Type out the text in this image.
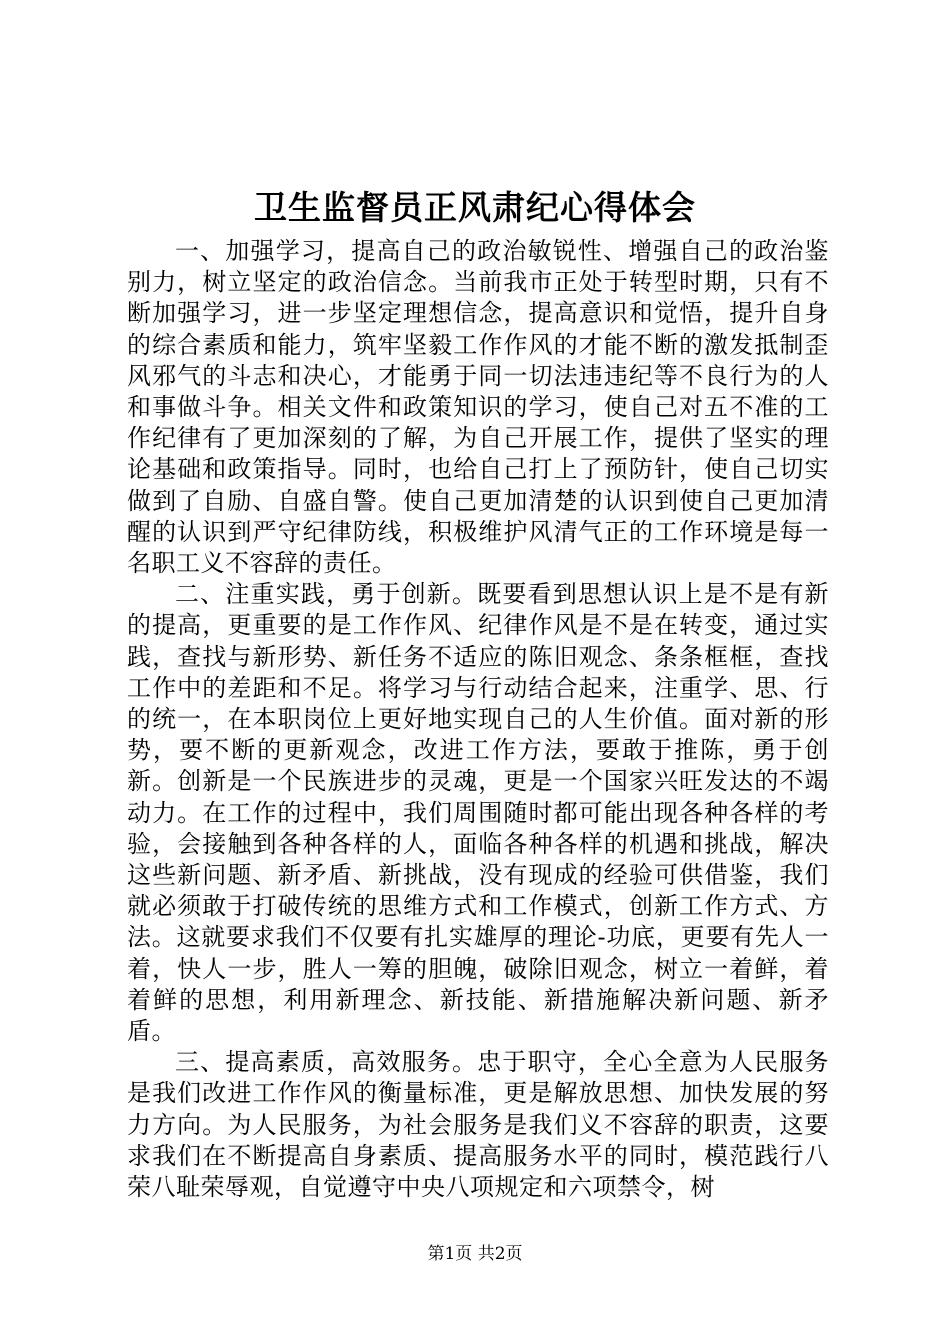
卫生监督员正风肃纪心得体会

一、加强学习，提高自己的政治敏锐性、增强自己的政治鉴别力，树立坚定的政治信念。当前我市正处于转型时期，只有不断加强学习，进一步坚定理想信念，提高意识和觉悟，提升自身的综合素质和能力，筑牢坚毅工作作风的才能不断的激发抵制歪风邪气的斗志和决心，才能勇于同一切法违违纪等不良行为的人和事做斗争。相关文件和政策知识的学习，使自己对五不准的工作纪律有了更加深刻的了解，为自己开展工作，提供了坚实的理论基础和政策指导。同时，也给自己打上了预防针，使自己切实做到了自励、自盛自警。使自己更加清楚的认识到使自己更加清醒的认识到严守纪律防线，积极维护风清气正的工作环境是每一名职工义不容辞的责任。

二、注重实践，勇于创新。既要看到思想认识上是不是有新的提高，更重要的是工作作风、纪律作风是不是在转变，通过实践，查找与新形势、新任务不适应的陈旧观念、条条框框，查找工作中的差距和不足。将学习与行动结合起来，注重学、思、行的统一，在本职岗位上更好地实现自己的人生价值。面对新的形势，要不断的更新观念，改进工作方法，要敢于推陈，勇于创新。创新是一个民族进步的灵魂，更是一个国家兴旺发达的不竭动力。在工作的过程中，我们周围随时都可能出现各种各样的考验，会接触到各种各样的人，面临各种各样的机遇和挑战，解决这些新问题、新矛盾、新挑战，没有现成的经验可供借鉴，我们就必须敢于打破传统的思维方式和工作模式，创新工作方式、方法。这就要求我们不仅要有扎实雄厚的理论-功底，更要有先人一着，快人一步，胜人一筹的胆魄，破除旧观念，树立一着鲜，着着鲜的思想，利用新理念、新技能、新措施解决新问题、新矛盾。

三、提高素质，高效服务。忠于职守，全心全意为人民服务是我们改进工作作风的衡量标准，更是解放思想、加快发展的努力方向。为人民服务，为社会服务是我们义不容辞的职责，这要求我们在不断提高自身素质、提高服务水平的同时，模范践行八荣八耻荣辱观，自觉遵守中央八项规定和六项禁令，树

第1页 共2页
